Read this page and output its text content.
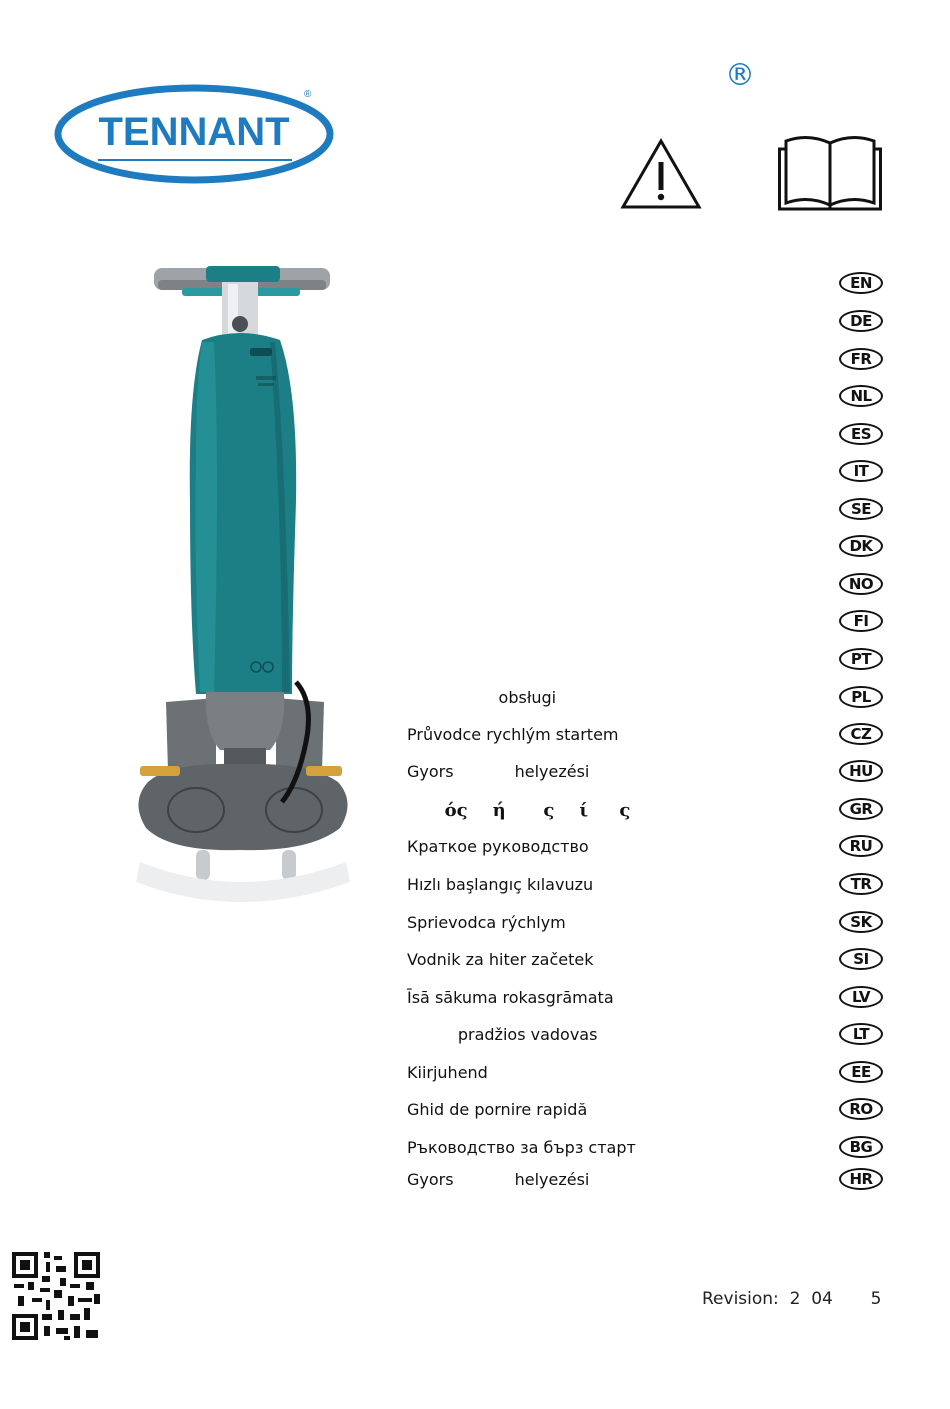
TENNANT
®
®
EN
DE
FR
NL
ES
IT
SE
DK
NO
FI
PT
obsługi	PL
Průvodce rychlým startem	CZ
Gyors            helyezési	HU
ός    ή      ς    ί     ς	GR
Краткое руководство	RU
Hızlı başlangıç kılavuzu	TR
Sprievodca rýchlym	SK
Vodnik za hiter začetek	SI
Īsā sākuma rokasgrāmata	LV
pradžios vadovas	LT
Kiirjuhend	EE
Ghid de pornire rapidă	RO
Ръководство за бърз старт	BG
Gyors            helyezési	HR
Revision:  2  04       5
